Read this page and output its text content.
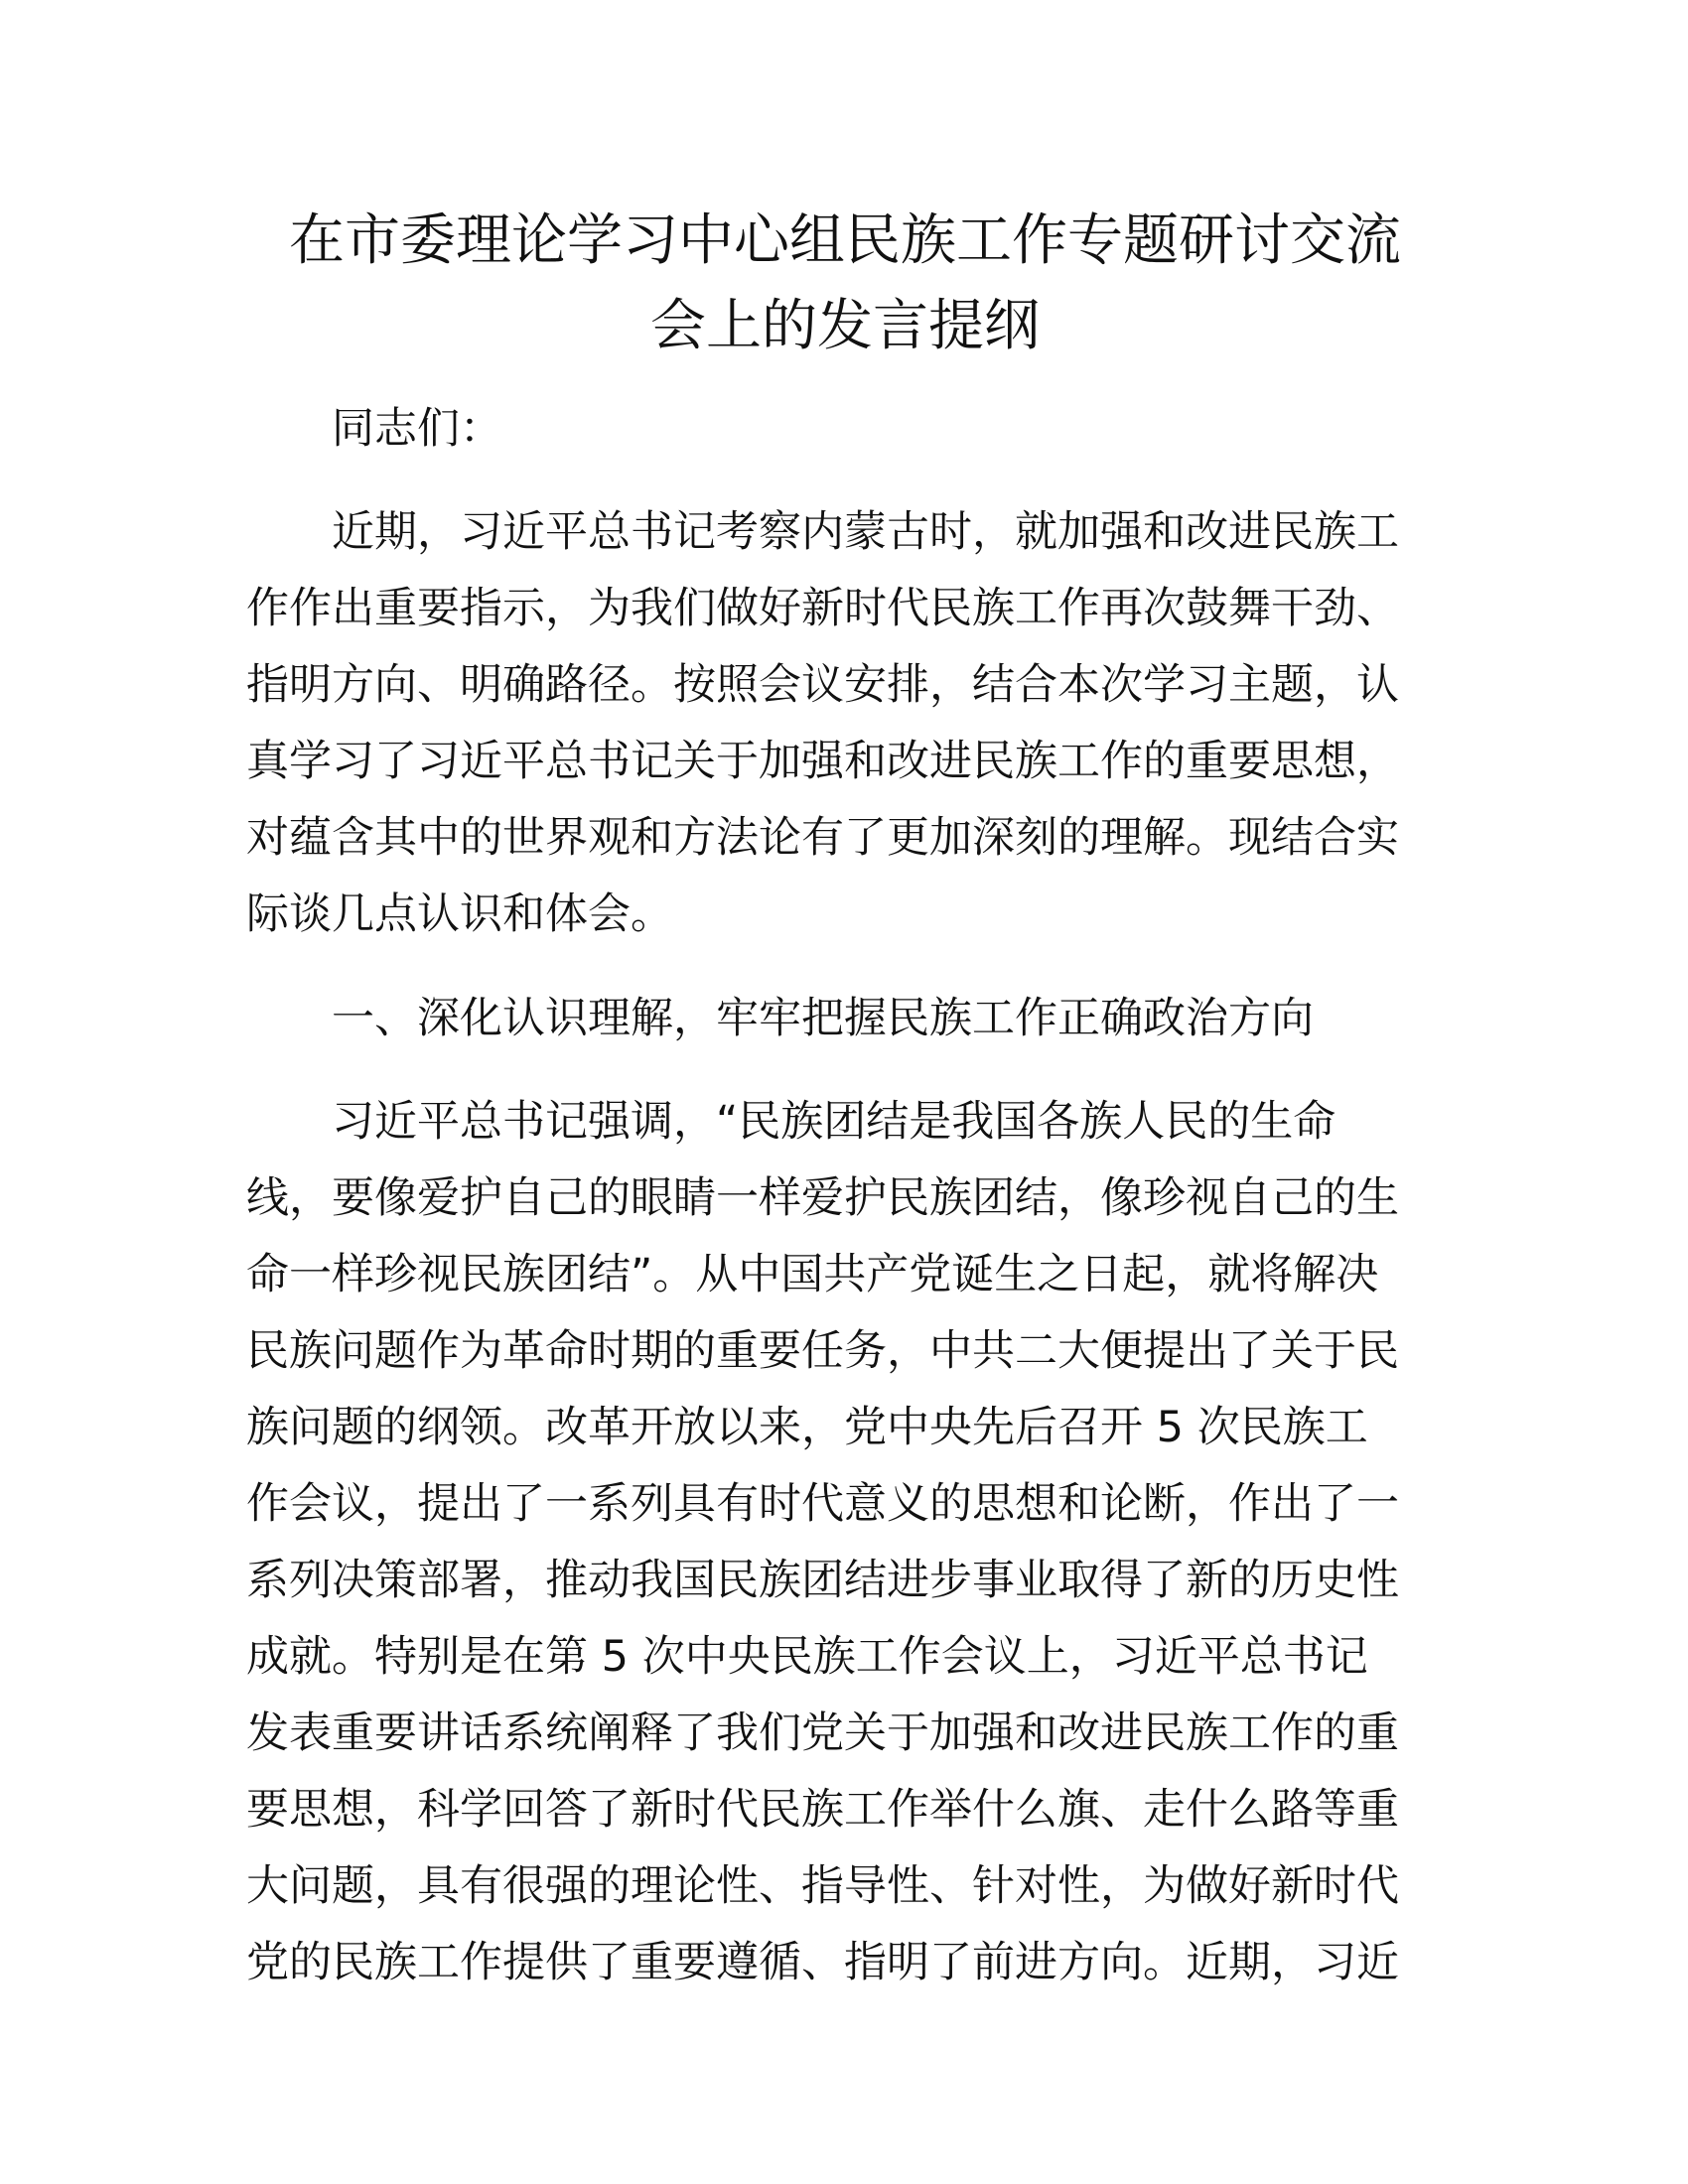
在市委理论学习中心组民族工作专题研讨交流
会上的发言提纲

同志们：

近期，习近平总书记考察内蒙古时，就加强和改进民族工
作作出重要指示，为我们做好新时代民族工作再次鼓舞干劲、
指明方向、明确路径。按照会议安排，结合本次学习主题，认
真学习了习近平总书记关于加强和改进民族工作的重要思想，
对蕴含其中的世界观和方法论有了更加深刻的理解。现结合实
际谈几点认识和体会。

一、深化认识理解，牢牢把握民族工作正确政治方向

习近平总书记强调，“民族团结是我国各族人民的生命
线，要像爱护自己的眼睛一样爱护民族团结，像珍视自己的生
命一样珍视民族团结”。从中国共产党诞生之日起，就将解决
民族问题作为革命时期的重要任务，中共二大便提出了关于民
族问题的纲领。改革开放以来，党中央先后召开 5 次民族工
作会议，提出了一系列具有时代意义的思想和论断，作出了一
系列决策部署，推动我国民族团结进步事业取得了新的历史性
成就。特别是在第 5 次中央民族工作会议上，习近平总书记
发表重要讲话系统阐释了我们党关于加强和改进民族工作的重
要思想，科学回答了新时代民族工作举什么旗、走什么路等重
大问题，具有很强的理论性、指导性、针对性，为做好新时代
党的民族工作提供了重要遵循、指明了前进方向。近期，习近
